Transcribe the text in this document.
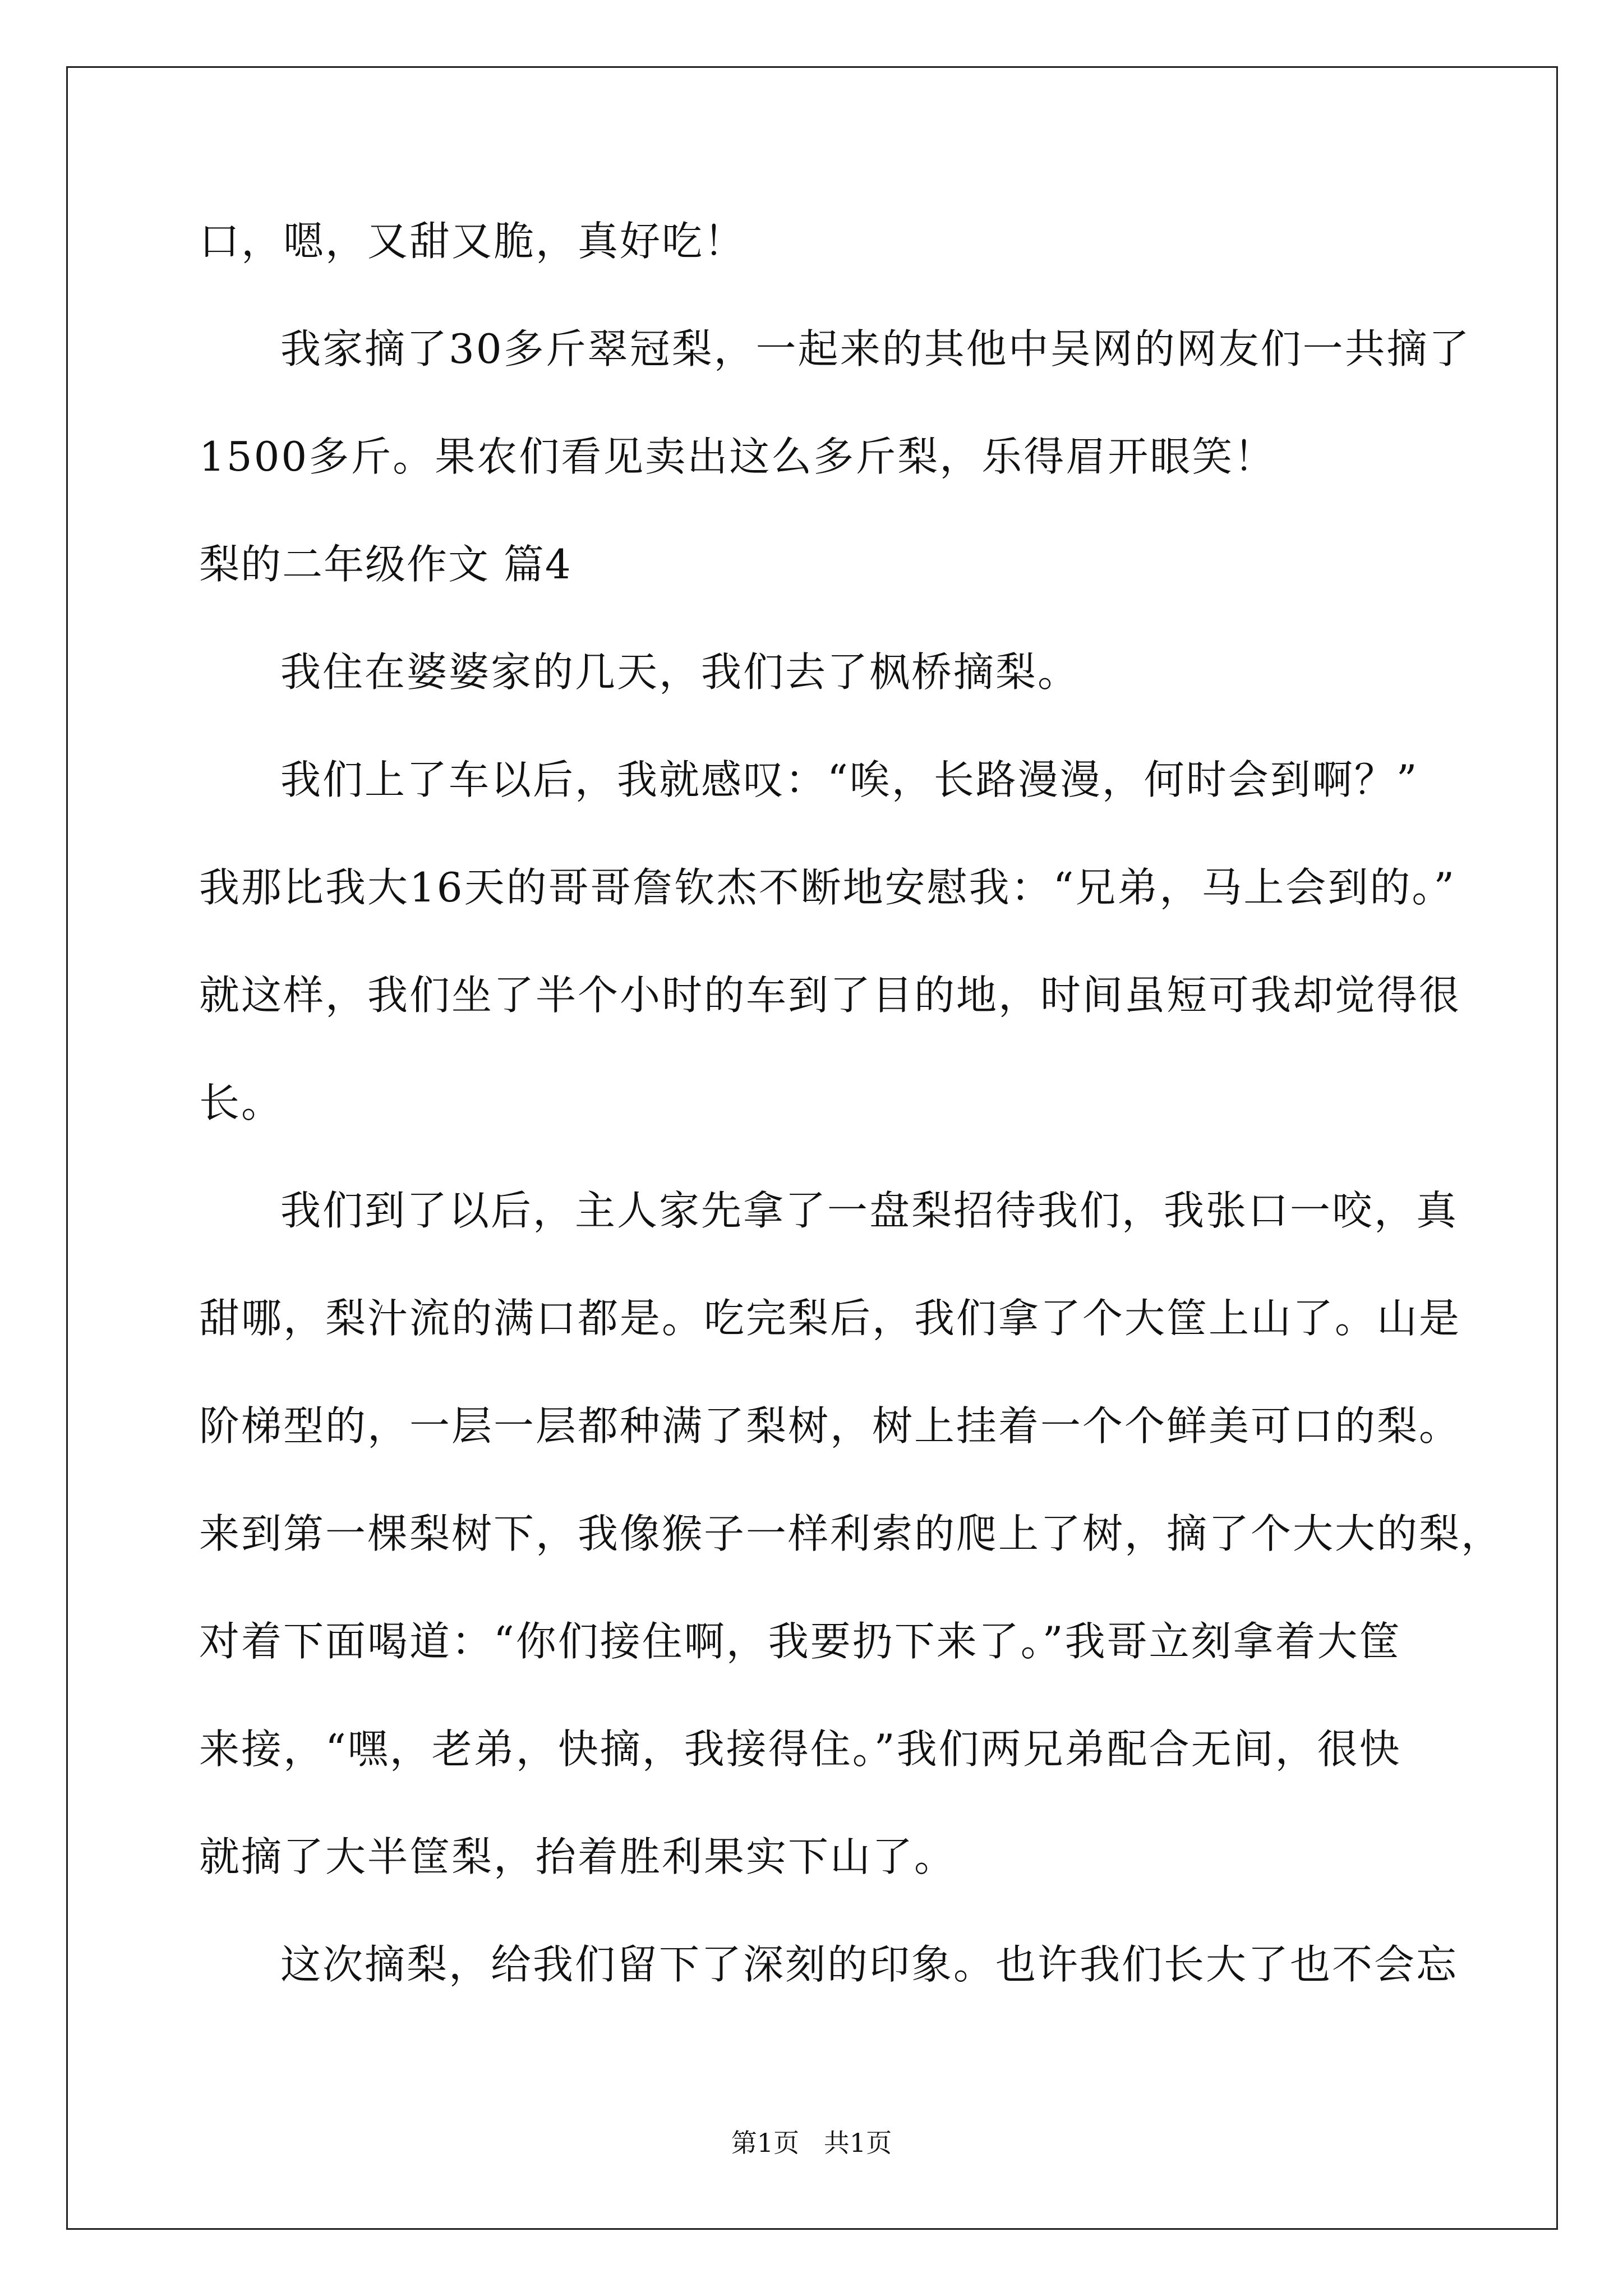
口，嗯，又甜又脆，真好吃！
我家摘了30多斤翠冠梨，一起来的其他中吴网的网友们一共摘了
1500多斤。果农们看见卖出这么多斤梨，乐得眉开眼笑！
梨的二年级作文 篇4
我住在婆婆家的几天，我们去了枫桥摘梨。
我们上了车以后，我就感叹：“唉，长路漫漫，何时会到啊？”
我那比我大16天的哥哥詹钦杰不断地安慰我：“兄弟，马上会到的。”
就这样，我们坐了半个小时的车到了目的地，时间虽短可我却觉得很
长。
我们到了以后，主人家先拿了一盘梨招待我们，我张口一咬，真
甜哪，梨汁流的满口都是。吃完梨后，我们拿了个大筐上山了。山是
阶梯型的，一层一层都种满了梨树，树上挂着一个个鲜美可口的梨。
来到第一棵梨树下，我像猴子一样利索的爬上了树，摘了个大大的梨，
对着下面喝道：“你们接住啊，我要扔下来了。”我哥立刻拿着大筐
来接，“嘿，老弟，快摘，我接得住。”我们两兄弟配合无间，很快
就摘了大半筐梨，抬着胜利果实下山了。
这次摘梨，给我们留下了深刻的印象。也许我们长大了也不会忘
第1页   共1页
